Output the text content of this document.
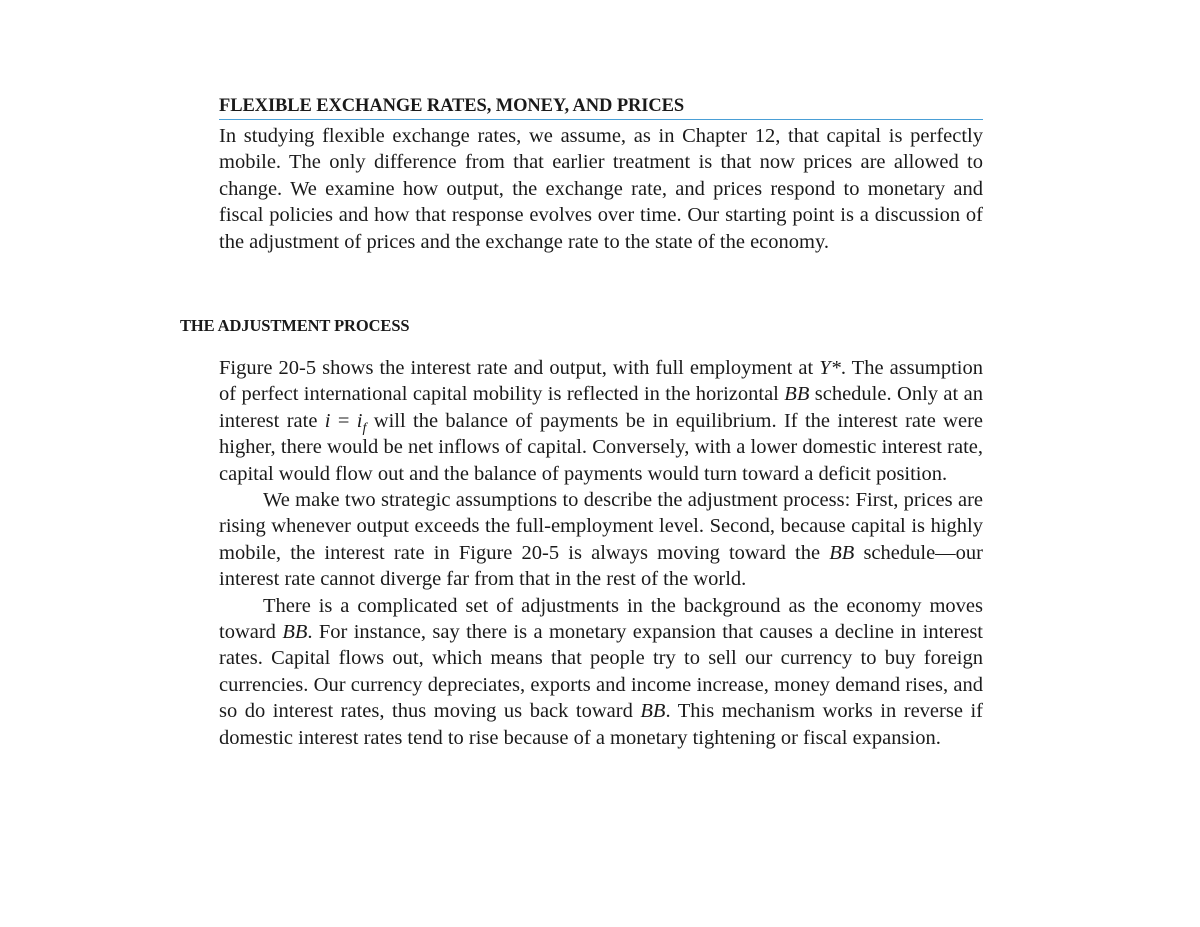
FLEXIBLE EXCHANGE RATES, MONEY, AND PRICES

In studying flexible exchange rates, we assume, as in Chapter 12, that capital is perfectly mobile. The only difference from that earlier treatment is that now prices are allowed to change. We examine how output, the exchange rate, and prices respond to monetary and fiscal policies and how that response evolves over time. Our starting point is a discussion of the adjustment of prices and the exchange rate to the state of the economy.

THE ADJUSTMENT PROCESS

Figure 20-5 shows the interest rate and output, with full employment at Y*. The assumption of perfect international capital mobility is reflected in the horizontal BB schedule. Only at an interest rate $i = i_f$ will the balance of payments be in equilibrium. If the interest rate were higher, there would be net inflows of capital. Conversely, with a lower domestic interest rate, capital would flow out and the balance of payments would turn toward a deficit position.

We make two strategic assumptions to describe the adjustment process: First, prices are rising whenever output exceeds the full-employment level. Second, because capital is highly mobile, the interest rate in Figure 20-5 is always moving toward the BB schedule—our interest rate cannot diverge far from that in the rest of the world.

There is a complicated set of adjustments in the background as the economy moves toward BB. For instance, say there is a monetary expansion that causes a decline in interest rates. Capital flows out, which means that people try to sell our currency to buy foreign currencies. Our currency depreciates, exports and income increase, money demand rises, and so do interest rates, thus moving us back toward BB. This mechanism works in reverse if domestic interest rates tend to rise because of a monetary tightening or fiscal expansion.
